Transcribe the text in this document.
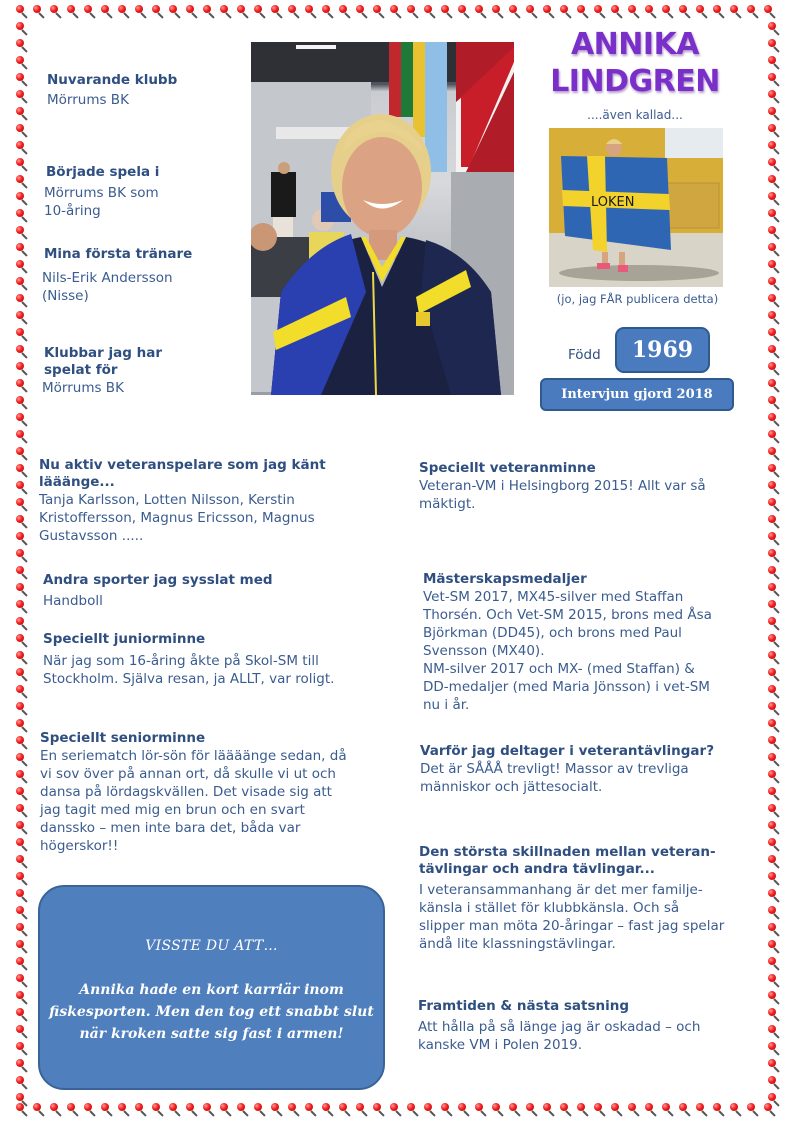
Nuvarande klubb
Mörrums BK
Började spela i
Mörrums BK som
10-åring
Mina första tränare
Nils-Erik Andersson
(Nisse)
Klubbar jag har
spelat för
Mörrums BK
ANNIKA
LINDGREN
....även kallad...
LOKEN
(jo, jag FÅR publicera detta)
Född	1969
Intervjun gjord 2018
Nu aktiv veteranspelare som jag känt
lääänge...
Tanja Karlsson, Lotten Nilsson, Kerstin
Kristoffersson, Magnus Ericsson, Magnus
Gustavsson .....
Andra sporter jag sysslat med
Handboll
Speciellt juniorminne
När jag som 16-åring åkte på Skol-SM till
Stockholm. Själva resan, ja ALLT, var roligt.
Speciellt seniorminne
En seriematch lör-sön för läääänge sedan, då
vi sov över på annan ort, då skulle vi ut och
dansa på lördagskvällen. Det visade sig att
jag tagit med mig en brun och en svart
danssko – men inte bara det, båda var
högerskor!!
VISSTE DU ATT…
Annika hade en kort karriär inom
fiskesporten. Men den tog ett snabbt slut
när kroken satte sig fast i armen!
Speciellt veteranminne
Veteran-VM i Helsingborg 2015! Allt var så
mäktigt.
Mästerskapsmedaljer
Vet-SM 2017, MX45-silver med Staffan
Thorsén. Och Vet-SM 2015, brons med Åsa
Björkman (DD45), och brons med Paul
Svensson (MX40).
NM-silver 2017 och MX- (med Staffan) &
DD-medaljer (med Maria Jönsson) i vet-SM
nu i år.
Varför jag deltager i veterantävlingar?
Det är SÅÅÅ trevligt! Massor av trevliga
människor och jättesocialt.
Den största skillnaden mellan veteran-
tävlingar och andra tävlingar...
I veteransammanhang är det mer familje-
känsla i stället för klubbkänsla. Och så
slipper man möta 20-åringar – fast jag spelar
ändå lite klassningstävlingar.
Framtiden & nästa satsning
Att hålla på så länge jag är oskadad – och
kanske VM i Polen 2019.
